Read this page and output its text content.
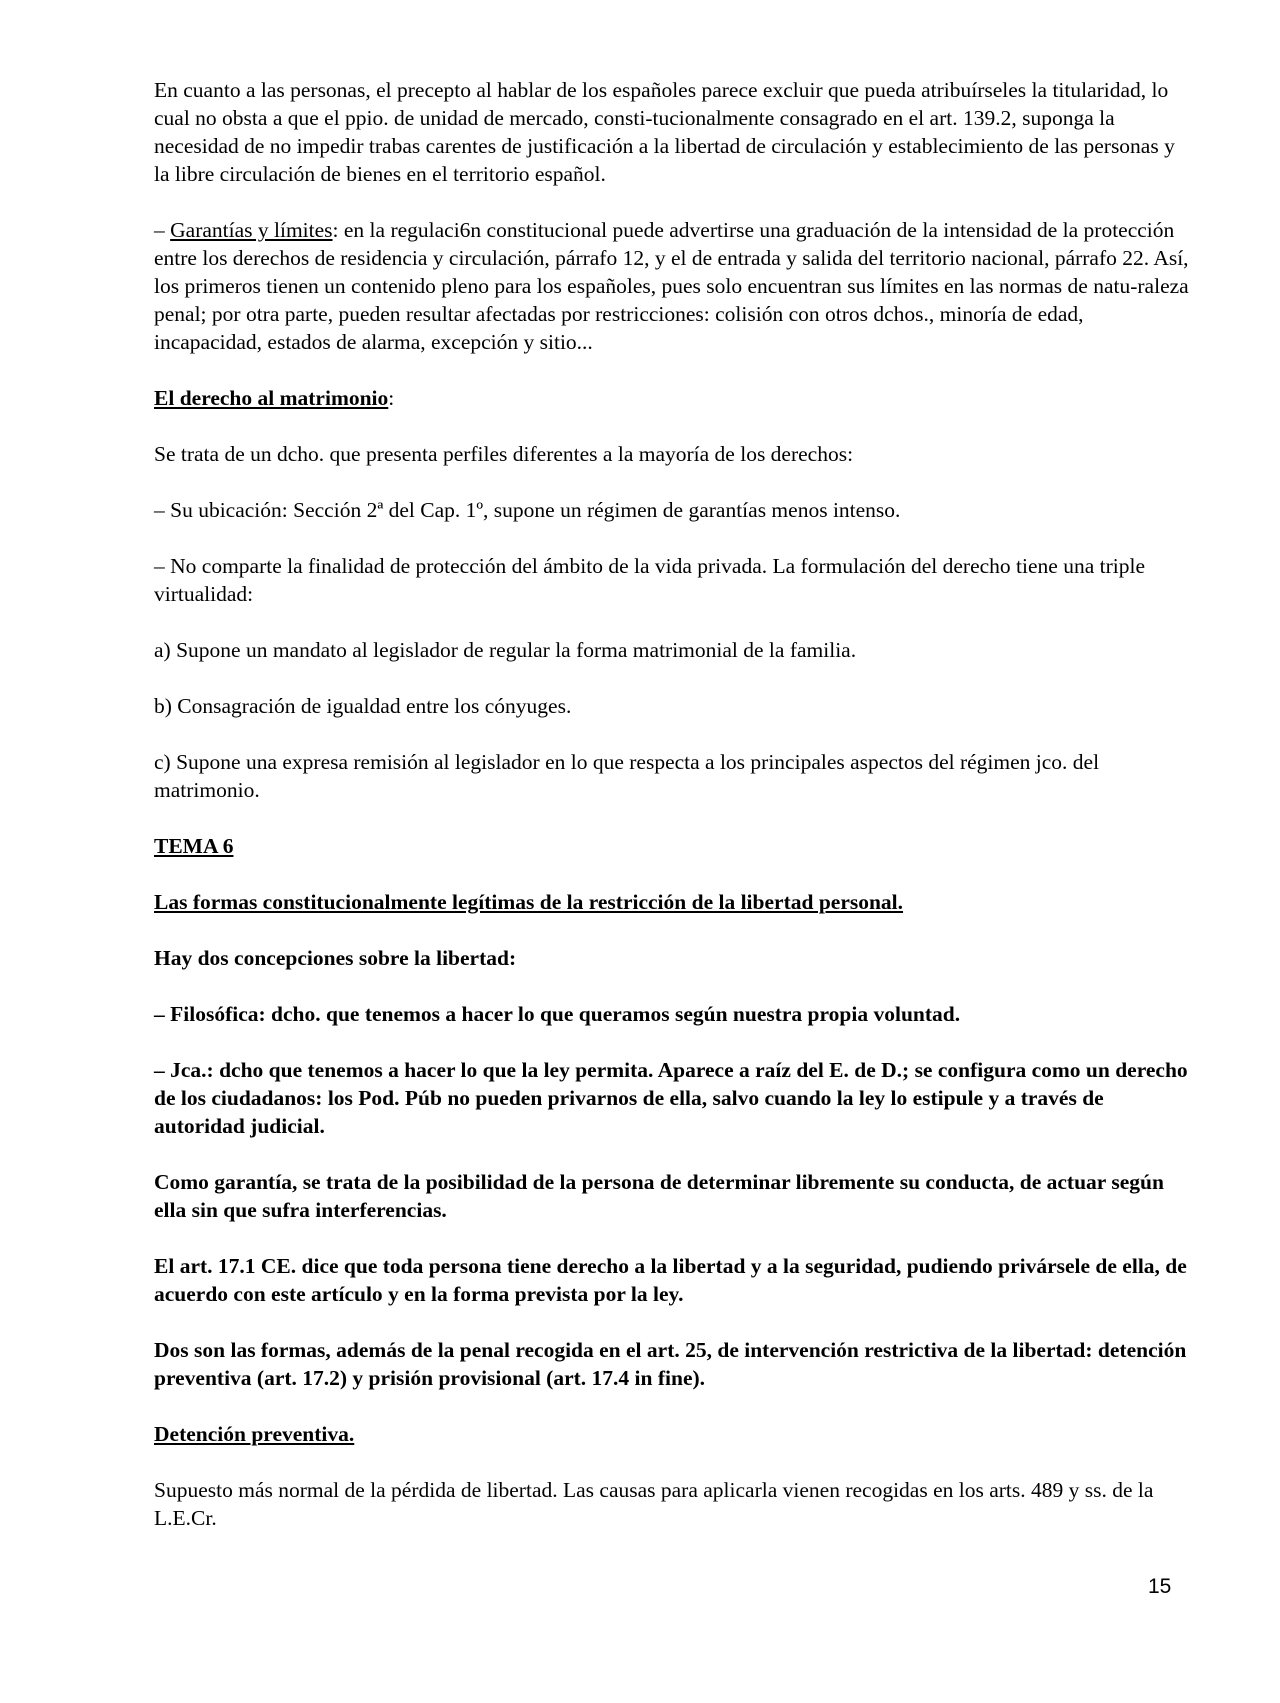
En cuanto a las personas, el precepto al hablar de los españoles parece excluir que pueda atribuírseles la titularidad, lo cual no obsta a que el ppio. de unidad de mercado, consti-tucionalmente consagrado en el art. 139.2, suponga la necesidad de no impedir trabas carentes de justificación a la libertad de circulación y establecimiento de las personas y la libre circulación de bienes en el territorio español.

– Garantías y límites: en la regulaci6n constitucional puede advertirse una graduación de la intensidad de la protección entre los derechos de residencia y circulación, párrafo 12, y el de entrada y salida del territorio nacional, párrafo 22. Así, los primeros tienen un contenido pleno para los españoles, pues solo encuentran sus límites en las normas de natu-raleza penal; por otra parte, pueden resultar afectadas por restricciones: colisión con otros dchos., minoría de edad, incapacidad, estados de alarma, excepción y sitio...

El derecho al matrimonio:

Se trata de un dcho. que presenta perfiles diferentes a la mayoría de los derechos:

– Su ubicación: Sección 2ª del Cap. 1º, supone un régimen de garantías menos intenso.

– No comparte la finalidad de protección del ámbito de la vida privada. La formulación del derecho tiene una triple virtualidad:

a) Supone un mandato al legislador de regular la forma matrimonial de la familia.

b) Consagración de igualdad entre los cónyuges.

c) Supone una expresa remisión al legislador en lo que respecta a los principales aspectos del régimen jco. del matrimonio.

TEMA 6

Las formas constitucionalmente legítimas de la restricción de la libertad personal.

Hay dos concepciones sobre la libertad:

– Filosófica: dcho. que tenemos a hacer lo que queramos según nuestra propia voluntad.

– Jca.: dcho que tenemos a hacer lo que la ley permita. Aparece a raíz del E. de D.; se configura como un derecho de los ciudadanos: los Pod. Púb no pueden privarnos de ella, salvo cuando la ley lo estipule y a través de autoridad judicial.

Como garantía, se trata de la posibilidad de la persona de determinar libremente su conducta, de actuar según ella sin que sufra interferencias.

El art. 17.1 CE. dice que toda persona tiene derecho a la libertad y a la seguridad, pudiendo privársele de ella, de acuerdo con este artículo y en la forma prevista por la ley.

Dos son las formas, además de la penal recogida en el art. 25, de intervención restrictiva de la libertad: detención preventiva (art. 17.2) y prisión provisional (art. 17.4 in fine).

Detención preventiva.

Supuesto más normal de la pérdida de libertad. Las causas para aplicarla vienen recogidas en los arts. 489 y ss. de la L.E.Cr.

15
